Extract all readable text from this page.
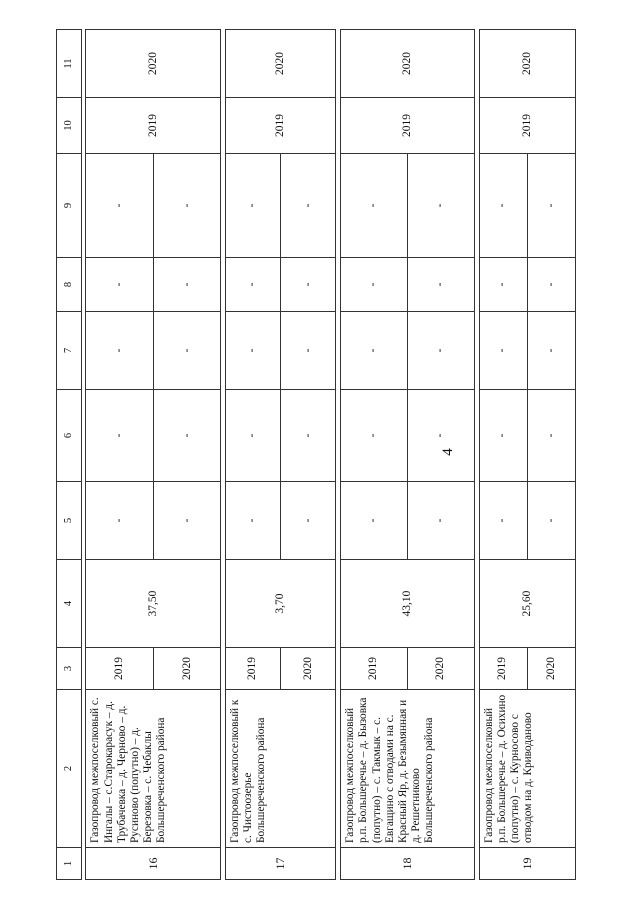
4
1	2	3	4	5	6	7	8	9	10	11

16	Газопровод межпоселковый с. Ингалы – с.Старокарасук – д. Трубачевка – д. Черново – д. Русиново (попутно) – д. Березовка – с. Чебаклы Большереченского района	2019	37,50	-	-	-	-	-	2019	2020
		2020		-	-	-	-	-		

17	Газопровод межпоселковый к с. Чистоозерье Большереченского района	2019	3,70	-	-	-	-	-	2019	2020
		2020		-	-	-	-	-		

18	Газопровод межпоселковый р.п. Большеречье – д. Бызовка (попутно) – с. Такмык – с. Евгащино с отводами на с. Красный Яр, д. Безымянная и д. Решетниково Большереченского района	2019	43,10	-	-	-	-	-	2019	2020
		2020		-	-	-	-	-		

19	Газопровод межпоселковый р.п. Большеречье – д. Осихино (попутно) – с. Курносово с отводом на д. Криводаново	2019	25,60	-	-	-	-	-	2019	2020
		2020		-	-	-	-	-		
